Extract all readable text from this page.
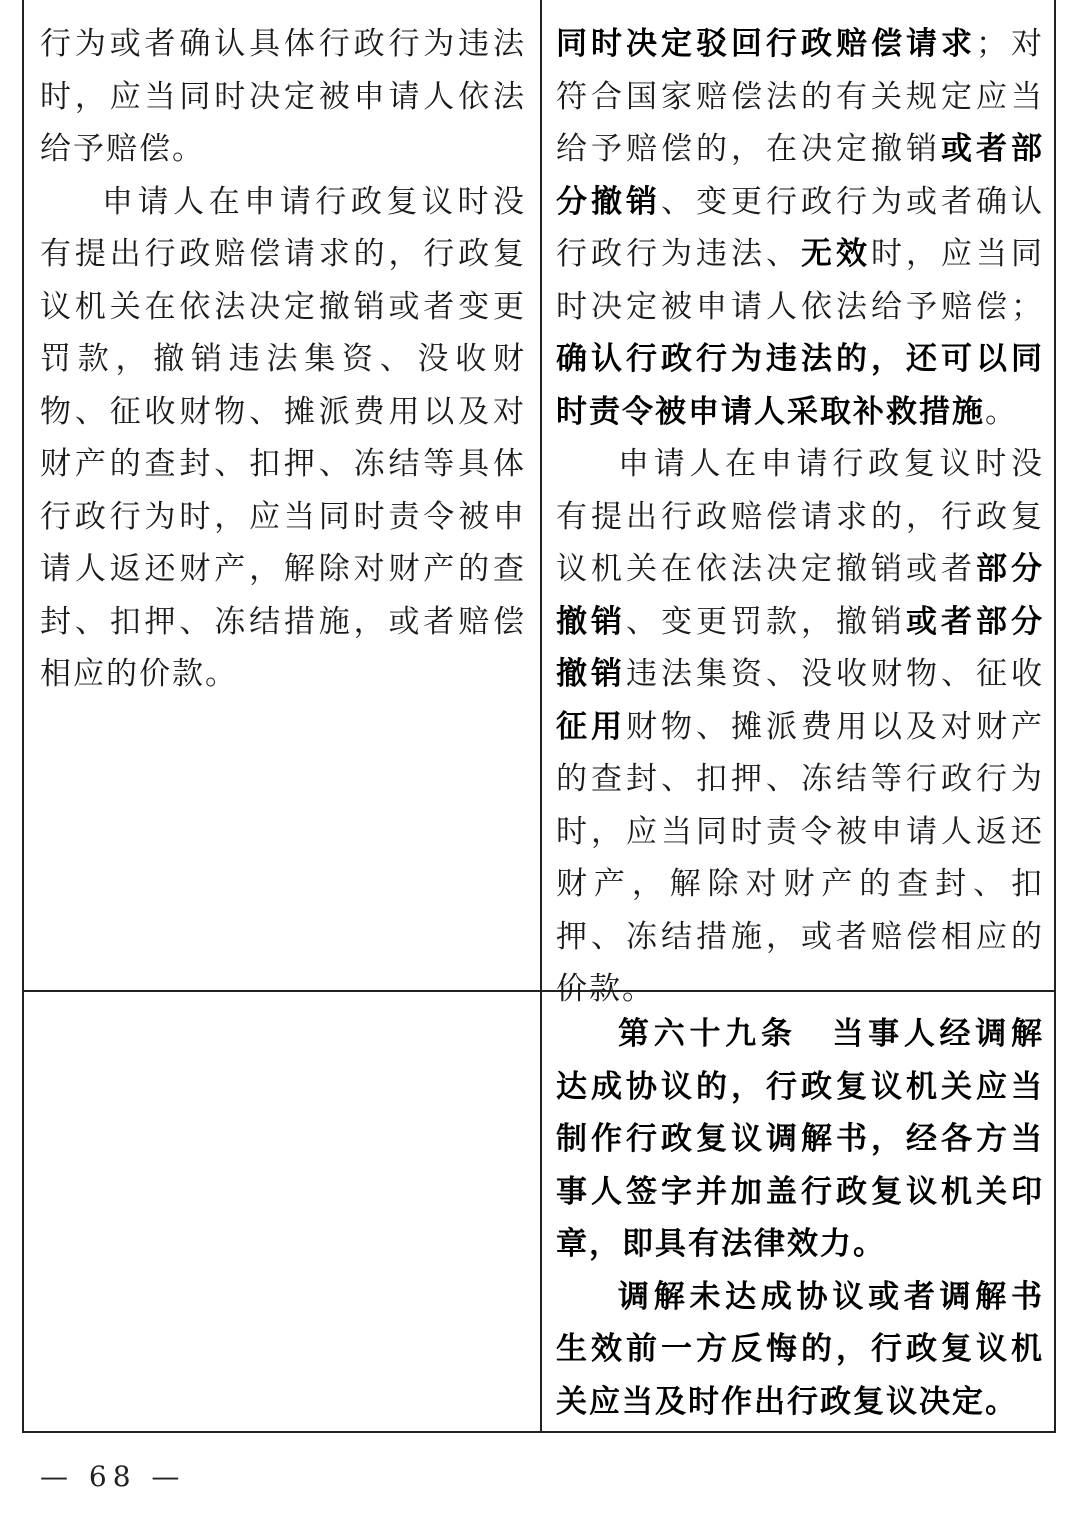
行为或者确认具体行政行为违法时，应当同时决定被申请人依法给予赔偿。

申请人在申请行政复议时没有提出行政赔偿请求的，行政复议机关在依法决定撤销或者变更罚款，撤销违法集资、没收财物、征收财物、摊派费用以及对财产的查封、扣押、冻结等具体行政行为时，应当同时责令被申请人返还财产，解除对财产的查封、扣押、冻结措施，或者赔偿相应的价款。

同时决定驳回行政赔偿请求；对符合国家赔偿法的有关规定应当给予赔偿的，在决定撤销或者部分撤销、变更行政行为或者确认行政行为违法、无效时，应当同时决定被申请人依法给予赔偿；确认行政行为违法的，还可以同时责令被申请人采取补救措施。

申请人在申请行政复议时没有提出行政赔偿请求的，行政复议机关在依法决定撤销或者部分撤销、变更罚款，撤销或者部分撤销违法集资、没收财物、征收征用财物、摊派费用以及对财产的查封、扣押、冻结等行政行为时，应当同时责令被申请人返还财产，解除对财产的查封、扣押、冻结措施，或者赔偿相应的价款。

第六十九条　当事人经调解达成协议的，行政复议机关应当制作行政复议调解书，经各方当事人签字并加盖行政复议机关印章，即具有法律效力。

调解未达成协议或者调解书生效前一方反悔的，行政复议机关应当及时作出行政复议决定。

— 68 —
